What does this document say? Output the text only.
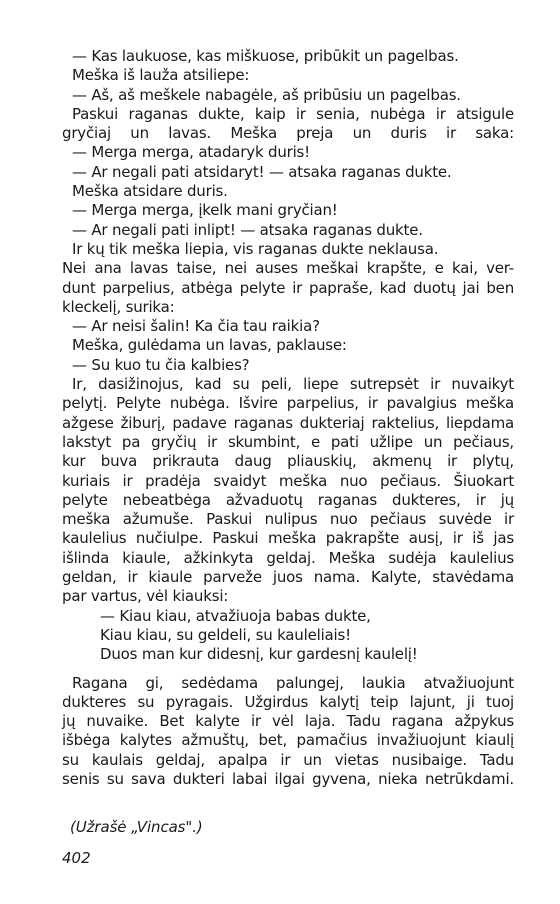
— Kas laukuose, kas miškuose, pribūkit un pagelbas.
Meška iš lauža atsiliepe:
— Aš, aš meškele nabagėle, aš pribūsiu un pagelbas.
Paskui raganas dukte, kaip ir senia, nubėga ir atsigule
gryčiaj un lavas. Meška preja un duris ir saka:
— Merga merga, atadaryk duris!
— Ar negali pati atsidaryt! — atsaka raganas dukte.
Meška atsidare duris.
— Merga merga, įkelk mani gryčian!
— Ar negali pati inlipt! — atsaka raganas dukte.
Ir kų tik meška liepia, vis raganas dukte neklausa.
Nei ana lavas taise, nei auses meškai krapšte, e kai, ver-
dunt parpelius, atbėga pelyte ir papraše, kad duotų jai ben
kleckelį, surika:
— Ar neisi šalin! Ka čia tau raikia?
Meška, gulėdama un lavas, paklause:
— Su kuo tu čia kalbies?
Ir, dasižinojus, kad su peli, liepe sutrepsėt ir nuvaikyt
pelytį. Pelyte nubėga. Išvire parpelius, ir pavalgius meška
ažgese žiburį, padave raganas dukteriaj raktelius, liepdama
lakstyt pa gryčių ir skumbint, e pati užlipe un pečiaus,
kur buva prikrauta daug pliauskių, akmenų ir plytų,
kuriais ir pradėja svaidyt meška nuo pečiaus. Šiuokart
pelyte nebeatbėga ažvaduotų raganas dukteres, ir jų
meška ažumuše. Paskui nulipus nuo pečiaus suvėde ir
kaulelius nučiulpe. Paskui meška pakrapšte ausį, ir iš jas
išlinda kiaule, ažkinkyta geldaj. Meška sudėja kaulelius
geldan, ir kiaule parveže juos nama. Kalyte, stavėdama
par vartus, vėl kiauksi:
— Kiau kiau, atvažiuoja babas dukte,
Kiau kiau, su geldeli, su kauleliais!
Duos man kur didesnį, kur gardesnį kaulelį!
Ragana gi, sedėdama palungej, laukia atvažiuojunt
dukteres su pyragais. Užgirdus kalytį teip lajunt, ji tuoj
jų nuvaike. Bet kalyte ir vėl laja. Tadu ragana ažpykus
išbėga kalytes ažmuštų, bet, pamačius invažiuojunt kiaulį
su kaulais geldaj, apalpa ir un vietas nusibaige. Tadu
senis su sava dukteri labai ilgai gyvena, nieka netrūkdami.
(Užrašė „Vincas".)
402
